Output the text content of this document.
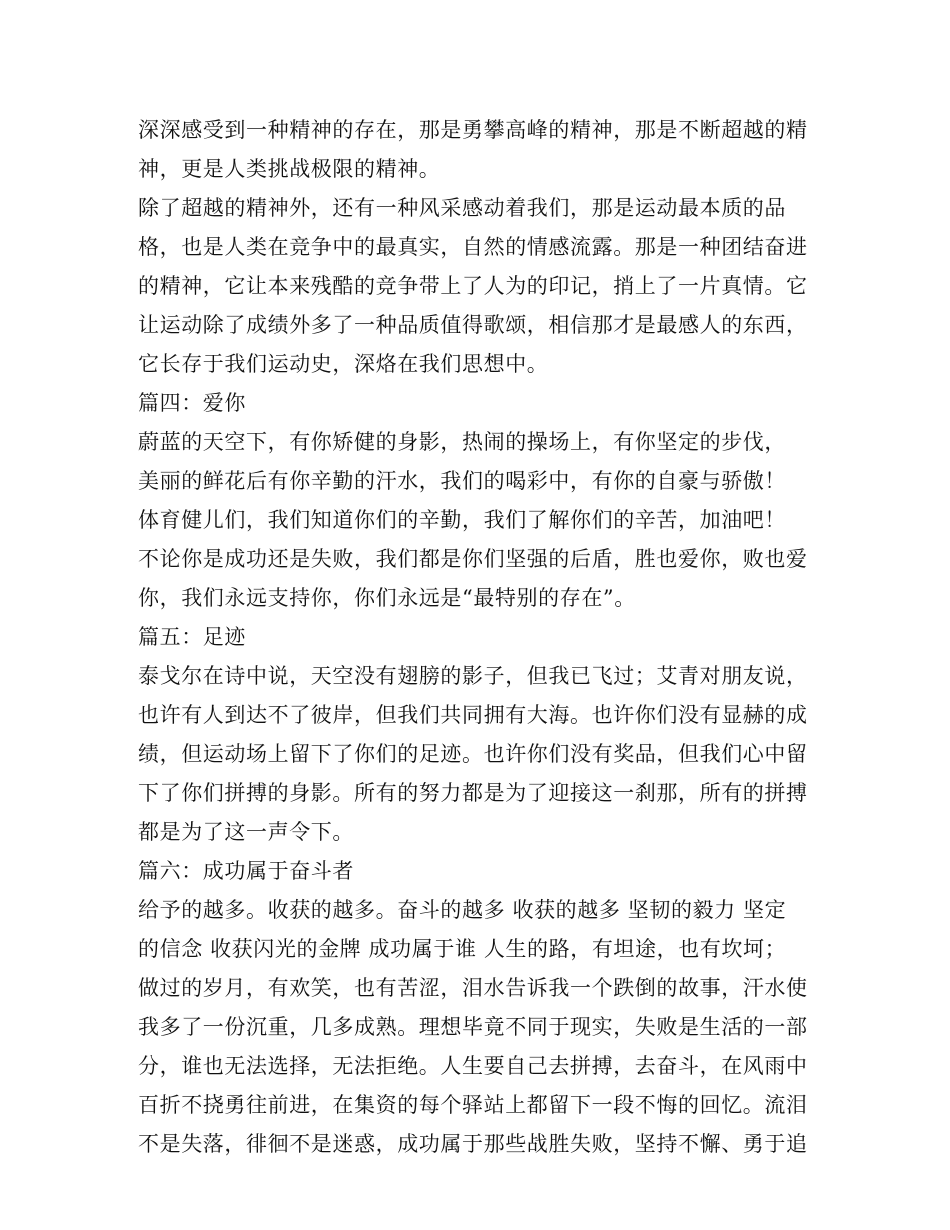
深深感受到一种精神的存在，那是勇攀高峰的精神，那是不断超越的精
神，更是人类挑战极限的精神。
除了超越的精神外，还有一种风采感动着我们，那是运动最本质的品
格，也是人类在竞争中的最真实，自然的情感流露。那是一种团结奋进
的精神，它让本来残酷的竞争带上了人为的印记，捎上了一片真情。它
让运动除了成绩外多了一种品质值得歌颂，相信那才是最感人的东西，
它长存于我们运动史，深烙在我们思想中。
篇四：爱你
蔚蓝的天空下，有你矫健的身影，热闹的操场上，有你坚定的步伐，
美丽的鲜花后有你辛勤的汗水，我们的喝彩中，有你的自豪与骄傲！
体育健儿们，我们知道你们的辛勤，我们了解你们的辛苦，加油吧！
不论你是成功还是失败，我们都是你们坚强的后盾，胜也爱你，败也爱
你，我们永远支持你，你们永远是“最特别的存在”。
篇五：足迹
泰戈尔在诗中说，天空没有翅膀的影子，但我已飞过；艾青对朋友说，
也许有人到达不了彼岸，但我们共同拥有大海。也许你们没有显赫的成
绩，但运动场上留下了你们的足迹。也许你们没有奖品，但我们心中留
下了你们拼搏的身影。所有的努力都是为了迎接这一刹那，所有的拼搏
都是为了这一声令下。
篇六：成功属于奋斗者
给予的越多。收获的越多。奋斗的越多 收获的越多 坚韧的毅力 坚定
的信念 收获闪光的金牌 成功属于谁 人生的路，有坦途，也有坎坷；
做过的岁月，有欢笑，也有苦涩，泪水告诉我一个跌倒的故事，汗水使
我多了一份沉重，几多成熟。理想毕竟不同于现实，失败是生活的一部
分，谁也无法选择，无法拒绝。人生要自己去拼搏，去奋斗，在风雨中
百折不挠勇往前进，在集资的每个驿站上都留下一段不悔的回忆。流泪
不是失落，徘徊不是迷惑，成功属于那些战胜失败，坚持不懈、勇于追
